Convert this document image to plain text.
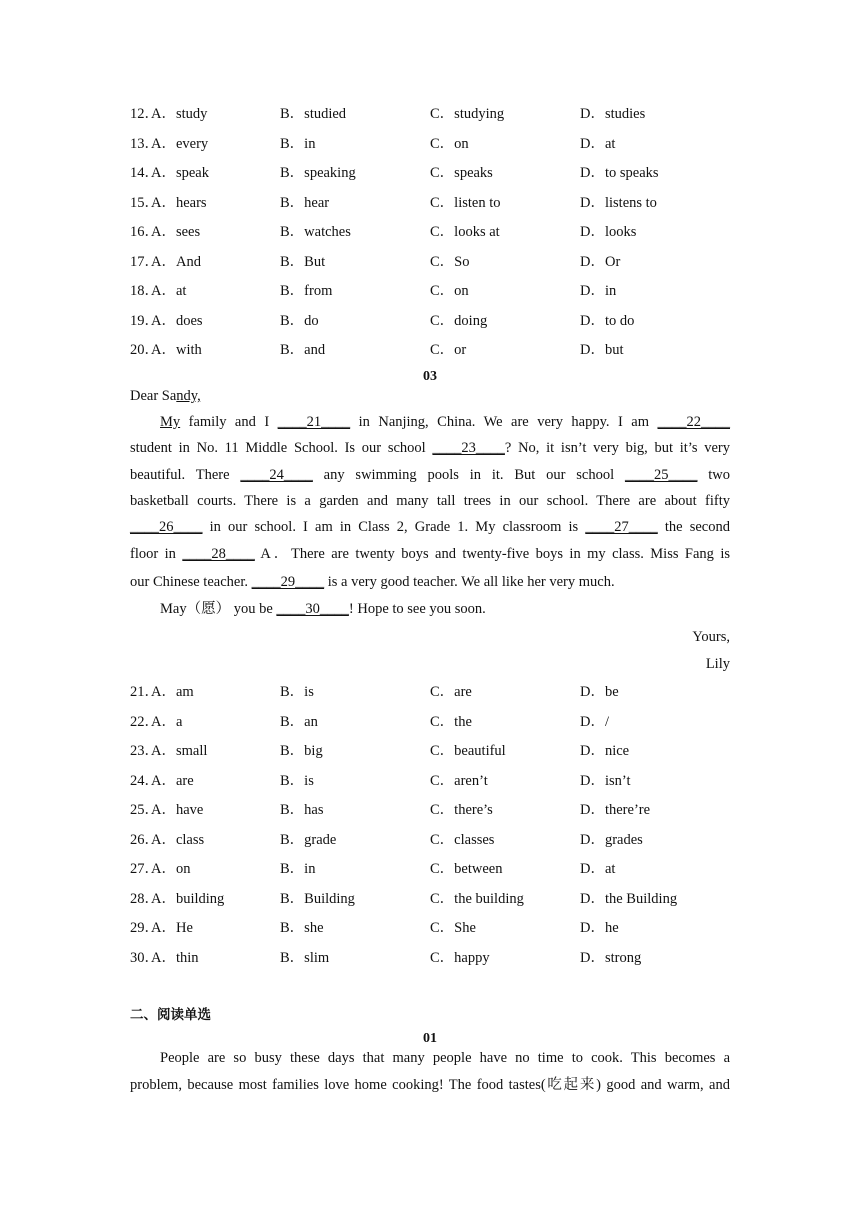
12．
A．study	B．studied	C．studying	D．studies
13．
A．every	B．in	C．on	D．at
14．
A．speak	B．speaking	C．speaks	D．to speaks
15．
A．hears	B．hear	C．listen to	D．listens to
16．
A．sees	B．watches	C．looks at	D．looks
17．
A．And	B．But	C．So	D．Or
18．
A．at	B．from	C．on	D．in
19．
A．does	B．do	C．doing	D．to do
20．
A．with	B．and	C．or	D．but
03
Dear Sandy,
My family and I ____21____ in Nanjing, China. We are very happy. I am ____22____
student in No. 11 Middle School. Is our school ____23____? No, it isn’t very big, but it’s very
beautiful. There ____24____ any swimming pools in it. But our school ____25____ two
basketball courts. There is a garden and many tall trees in our school. There are about fifty
____26____ in our school. I am in Class 2, Grade 1. My classroom is ____27____ the second
floor in ____28____ A．There are twenty boys and twenty-five boys in my class. Miss Fang is
our Chinese teacher. ____29____ is a very good teacher. We all like her very much.
May（愿） you be ____30____! Hope to see you soon.
Yours,
Lily
21．
A．am	B．is	C．are	D．be
22．
A．a	B．an	C．the	D．/
23．
A．small	B．big	C．beautiful	D．nice
24．
A．are	B．is	C．aren’t	D．isn’t
25．
A．have	B．has	C．there’s	D．there’re
26．
A．class	B．grade	C．classes	D．grades
27．
A．on	B．in	C．between	D．at
28．
A．building	B．Building	C．the building	D．the Building
29．
A．He	B．she	C．She	D．he
30．
A．thin	B．slim	C．happy	D．strong
二、阅读单选
01
People are so busy these days that many people have no time to cook. This becomes a
problem, because most families love home cooking! The food tastes(吃起来) good and warm, and
